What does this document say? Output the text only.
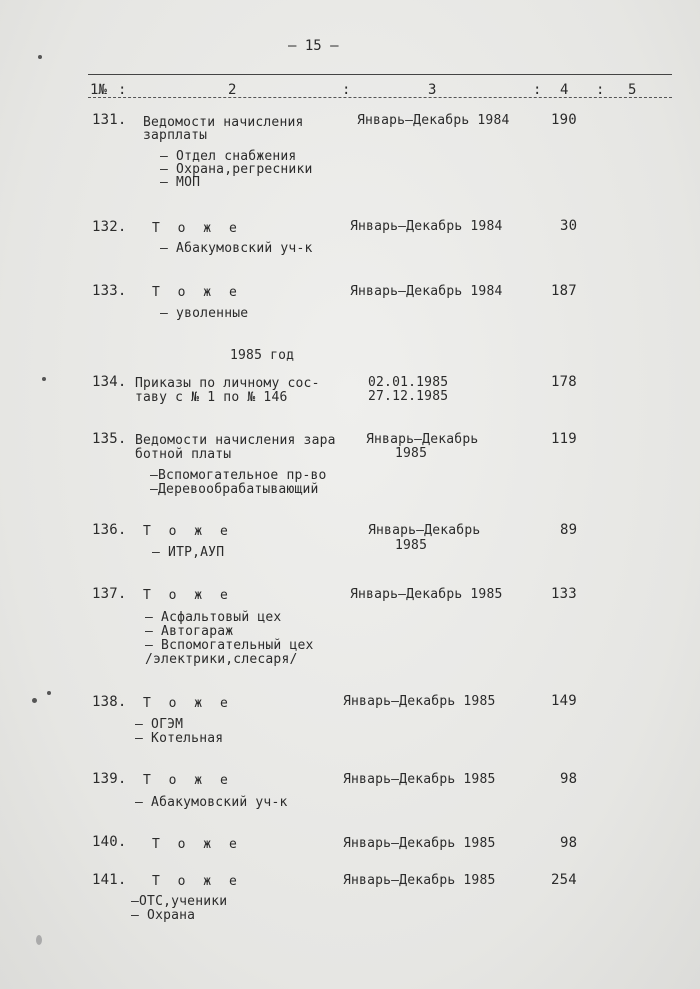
– 15 –
1№ :	2	:	3	: 4 : 5
131. Ведомости начисления
зарплаты
– Отдел снабжения
– Охрана,регресники
– МОП
Январь–Декабрь 1984	190
132. Т о ж е
– Абакумовский уч-к
Январь–Декабрь 1984	30
133. Т о ж е
– уволенные
Январь–Декабрь 1984	187
1985 год
134. Приказы по личному сос-
таву с № 1 по № 146
02.01.1985
27.12.1985
178
135. Ведомости начисления зара
ботной платы
–Вспомогательное пр-во
–Деревообрабатывающий
Январь–Декабрь
1985
119
136. Т о ж е
– ИТР,АУП
Январь–Декабрь
1985
89
137. Т о ж е
– Асфальтовый цех
– Автогараж
– Вспомогательный цех
/электрики,слесаря/
Январь–Декабрь 1985	133
138. Т о ж е
– ОГЭМ
– Котельная
Январь–Декабрь 1985	149
139. Т о ж е
– Абакумовский уч-к
Январь–Декабрь 1985	98
140. Т о ж е	Январь–Декабрь 1985	98
141. Т о ж е
–ОТС,ученики
– Охрана
Январь–Декабрь 1985	254
